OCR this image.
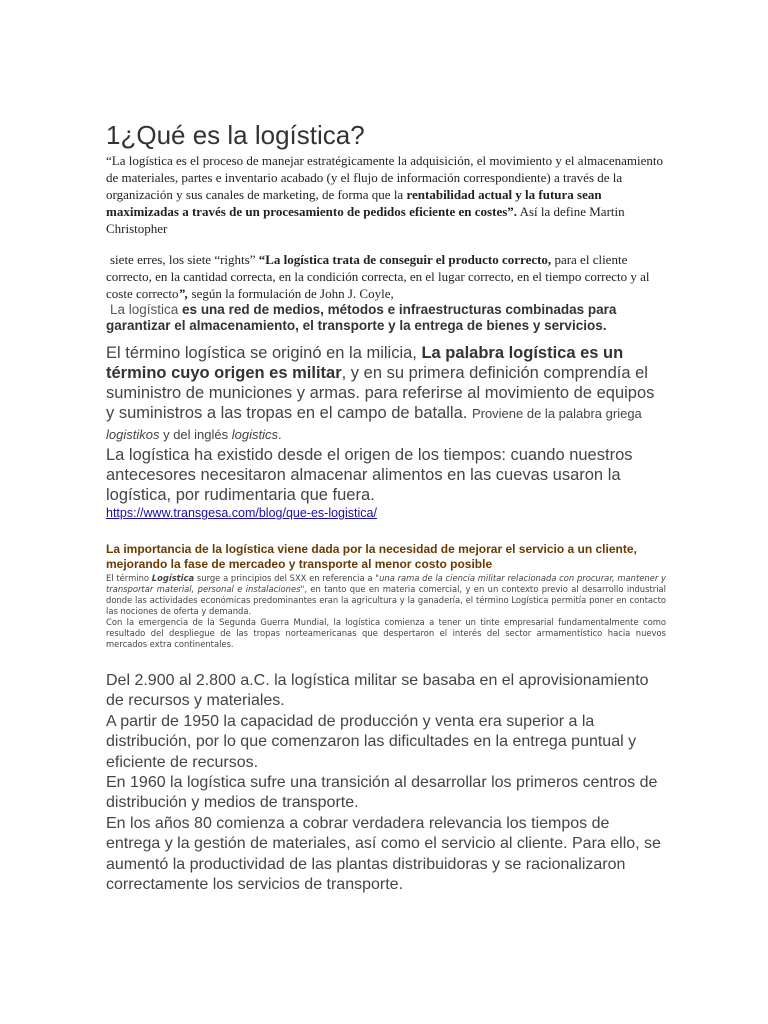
1¿Qué es la logística?

“La logística es el proceso de manejar estratégicamente la adquisición, el movimiento y el almacenamiento de materiales, partes e inventario acabado (y el flujo de información correspondiente) a través de la organización y sus canales de marketing, de forma que la rentabilidad actual y la futura sean maximizadas a través de un procesamiento de pedidos eficiente en costes”. Así la define Martin Christopher

siete erres, los siete “rights” “La logística trata de conseguir el producto correcto, para el cliente correcto, en la cantidad correcta, en la condición correcta, en el lugar correcto, en el tiempo correcto y al coste correcto”, según la formulación de John J. Coyle,

La logística es una red de medios, métodos e infraestructuras combinadas para garantizar el almacenamiento, el transporte y la entrega de bienes y servicios.

El término logística se originó en la milicia, La palabra logística es un término cuyo origen es militar, y en su primera definición comprendía el suministro de municiones y armas. para referirse al movimiento de equipos y suministros a las tropas en el campo de batalla. Proviene de la palabra griega logistikos y del inglés logistics.

La logística ha existido desde el origen de los tiempos: cuando nuestros antecesores necesitaron almacenar alimentos en las cuevas usaron la logística, por rudimentaria que fuera.

https://www.transgesa.com/blog/que-es-logistica/

La importancia de la logística viene dada por la necesidad de mejorar el servicio a un cliente, mejorando la fase de mercadeo y transporte al menor costo posible

El término Logística surge a principios del SXX en referencia a "una rama de la ciencia militar relacionada con procurar, mantener y transportar material, personal e instalaciones", en tanto que en materia comercial, y en un contexto previo al desarrollo industrial donde las actividades económicas predominantes eran la agricultura y la ganadería, el término Logística permitía poner en contacto las nociones de oferta y demanda.

Con la emergencia de la Segunda Guerra Mundial, la logística comienza a tener un tinte empresarial fundamentalmente como resultado del despliegue de las tropas norteamericanas que despertaron el interés del sector armamentístico hacia nuevos mercados extra continentales.

Del 2.900 al 2.800 a.C. la logística militar se basaba en el aprovisionamiento de recursos y materiales.

A partir de 1950 la capacidad de producción y venta era superior a la distribución, por lo que comenzaron las dificultades en la entrega puntual y eficiente de recursos.

En 1960 la logística sufre una transición al desarrollar los primeros centros de distribución y medios de transporte.

En los años 80 comienza a cobrar verdadera relevancia los tiempos de entrega y la gestión de materiales, así como el servicio al cliente. Para ello, se aumentó la productividad de las plantas distribuidoras y se racionalizaron correctamente los servicios de transporte.
